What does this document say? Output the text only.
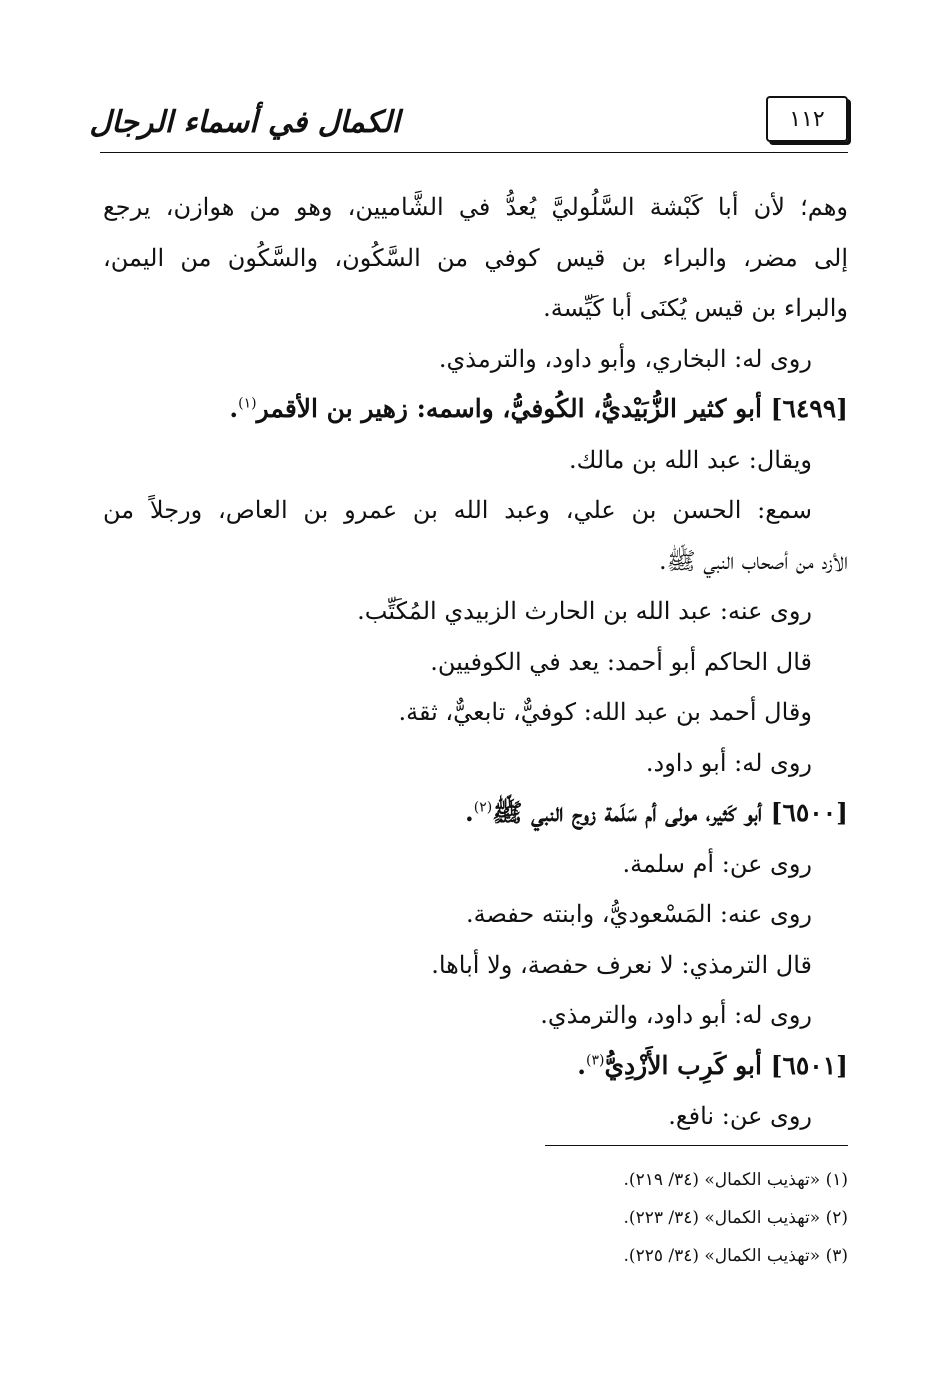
الكمال في أسماء الرجال	١١٢
وهم؛ لأن أبا كَبْشة السَّلُوليَّ يُعدُّ في الشَّاميين، وهو من هوازن، يرجع
إلى مضر، والبراء بن قيس كوفي من السَّكُون، والسَّكُون من اليمن،
والبراء بن قيس يُكنَى أبا كَيِّسة.
روى له: البخاري، وأبو داود، والترمذي.
[٦٤٩٩] أبو كثير الزُّبَيْديُّ، الكُوفيُّ، واسمه: زهير بن الأقمر$^{(١)}$.
ويقال: عبد الله بن مالك.
سمع: الحسن بن علي، وعبد الله بن عمرو بن العاص، ورجلاً من
الأزد من أصحاب النبي ﷺ.
روى عنه: عبد الله بن الحارث الزبيدي المُكَتِّب.
قال الحاكم أبو أحمد: يعد في الكوفيين.
وقال أحمد بن عبد الله: كوفيٌّ، تابعيٌّ، ثقة.
روى له: أبو داود.
[٦٥٠٠] أبو كَثير، مولى أم سَلَمة زوج النبي ﷺ$^{(٢)}$.
روى عن: أم سلمة.
روى عنه: المَسْعوديُّ، وابنته حفصة.
قال الترمذي: لا نعرف حفصة، ولا أباها.
روى له: أبو داود، والترمذي.
[٦٥٠١] أبو كَرِب الأَزْدِيُّ$^{(٣)}$.
روى عن: نافع.
(١) «تهذيب الكمال» (٣٤/ ٢١٩).
(٢) «تهذيب الكمال» (٣٤/ ٢٢٣).
(٣) «تهذيب الكمال» (٣٤/ ٢٢٥).
